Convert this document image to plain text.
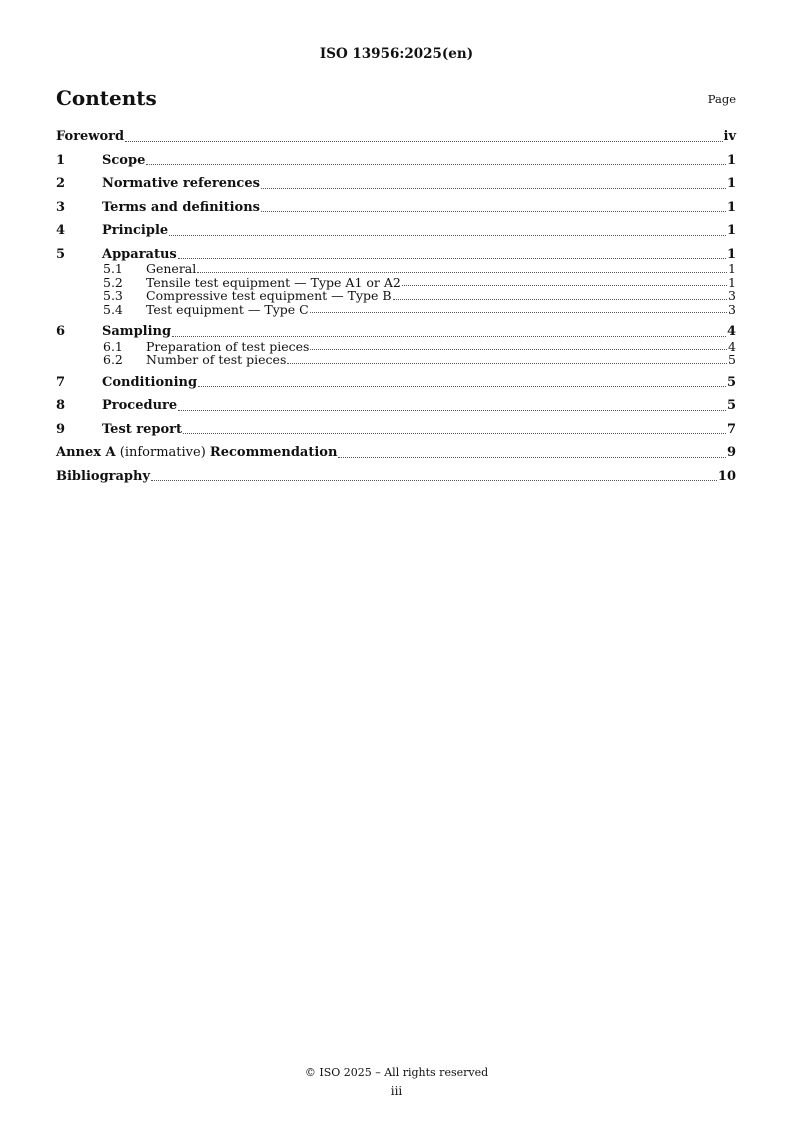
ISO 13956:2025(en)
Contents	Page
Foreword	iv
1	Scope	1
2	Normative references	1
3	Terms and definitions	1
4	Principle	1
5	Apparatus	1
5.1	General	1
5.2	Tensile test equipment — Type A1 or A2	1
5.3	Compressive test equipment — Type B	3
5.4	Test equipment — Type C	3
6	Sampling	4
6.1	Preparation of test pieces	4
6.2	Number of test pieces	5
7	Conditioning	5
8	Procedure	5
9	Test report	7
Annex A (informative) Recommendation	9
Bibliography	10
© ISO 2025 – All rights reserved
iii
